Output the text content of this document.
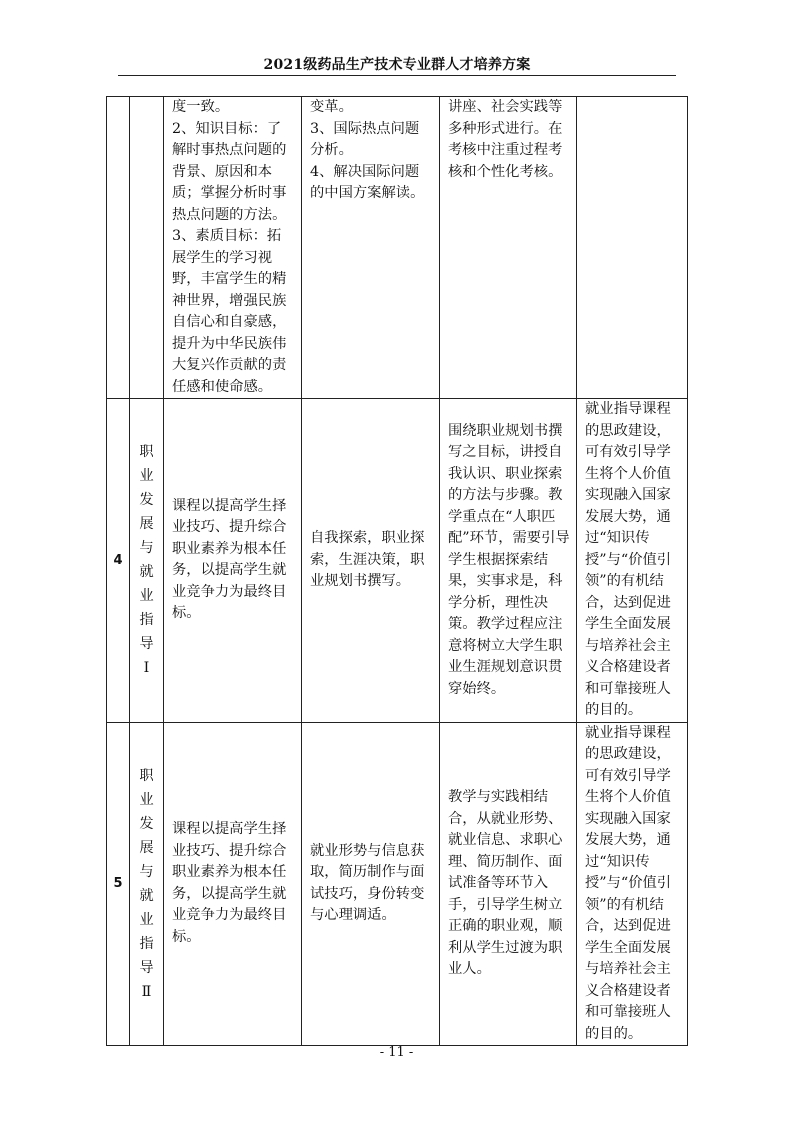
2021级药品生产技术专业群人才培养方案

		度一致。
2、知识目标：了解时事热点问题的背景、原因和本质；掌握分析时事热点问题的方法。
3、素质目标：拓展学生的学习视野，丰富学生的精神世界，增强民族自信心和自豪感，提升为中华民族伟大复兴作贡献的责任感和使命感。	变革。
3、国际热点问题分析。
4、解决国际问题的中国方案解读。	讲座、社会实践等多种形式进行。在考核中注重过程考核和个性化考核。	

4	职业发展与就业指导Ⅰ	课程以提高学生择业技巧、提升综合职业素养为根本任务，以提高学生就业竞争力为最终目标。	自我探索，职业探索，生涯决策，职业规划书撰写。	围绕职业规划书撰写之目标，讲授自我认识、职业探索的方法与步骤。教学重点在“人职匹配”环节，需要引导学生根据探索结果，实事求是，科学分析，理性决策。教学过程应注意将树立大学生职业生涯规划意识贯穿始终。	就业指导课程的思政建设，可有效引导学生将个人价值实现融入国家发展大势，通过“知识传授”与“价值引领”的有机结合，达到促进学生全面发展与培养社会主义合格建设者和可靠接班人的目的。

5	职业发展与就业指导Ⅱ	课程以提高学生择业技巧、提升综合职业素养为根本任务，以提高学生就业竞争力为最终目标。	就业形势与信息获取，简历制作与面试技巧，身份转变与心理调适。	教学与实践相结合，从就业形势、就业信息、求职心理、简历制作、面试准备等环节入手，引导学生树立正确的职业观，顺利从学生过渡为职业人。	就业指导课程的思政建设，可有效引导学生将个人价值实现融入国家发展大势，通过“知识传授”与“价值引领”的有机结合，达到促进学生全面发展与培养社会主义合格建设者和可靠接班人的目的。
- 11 -
